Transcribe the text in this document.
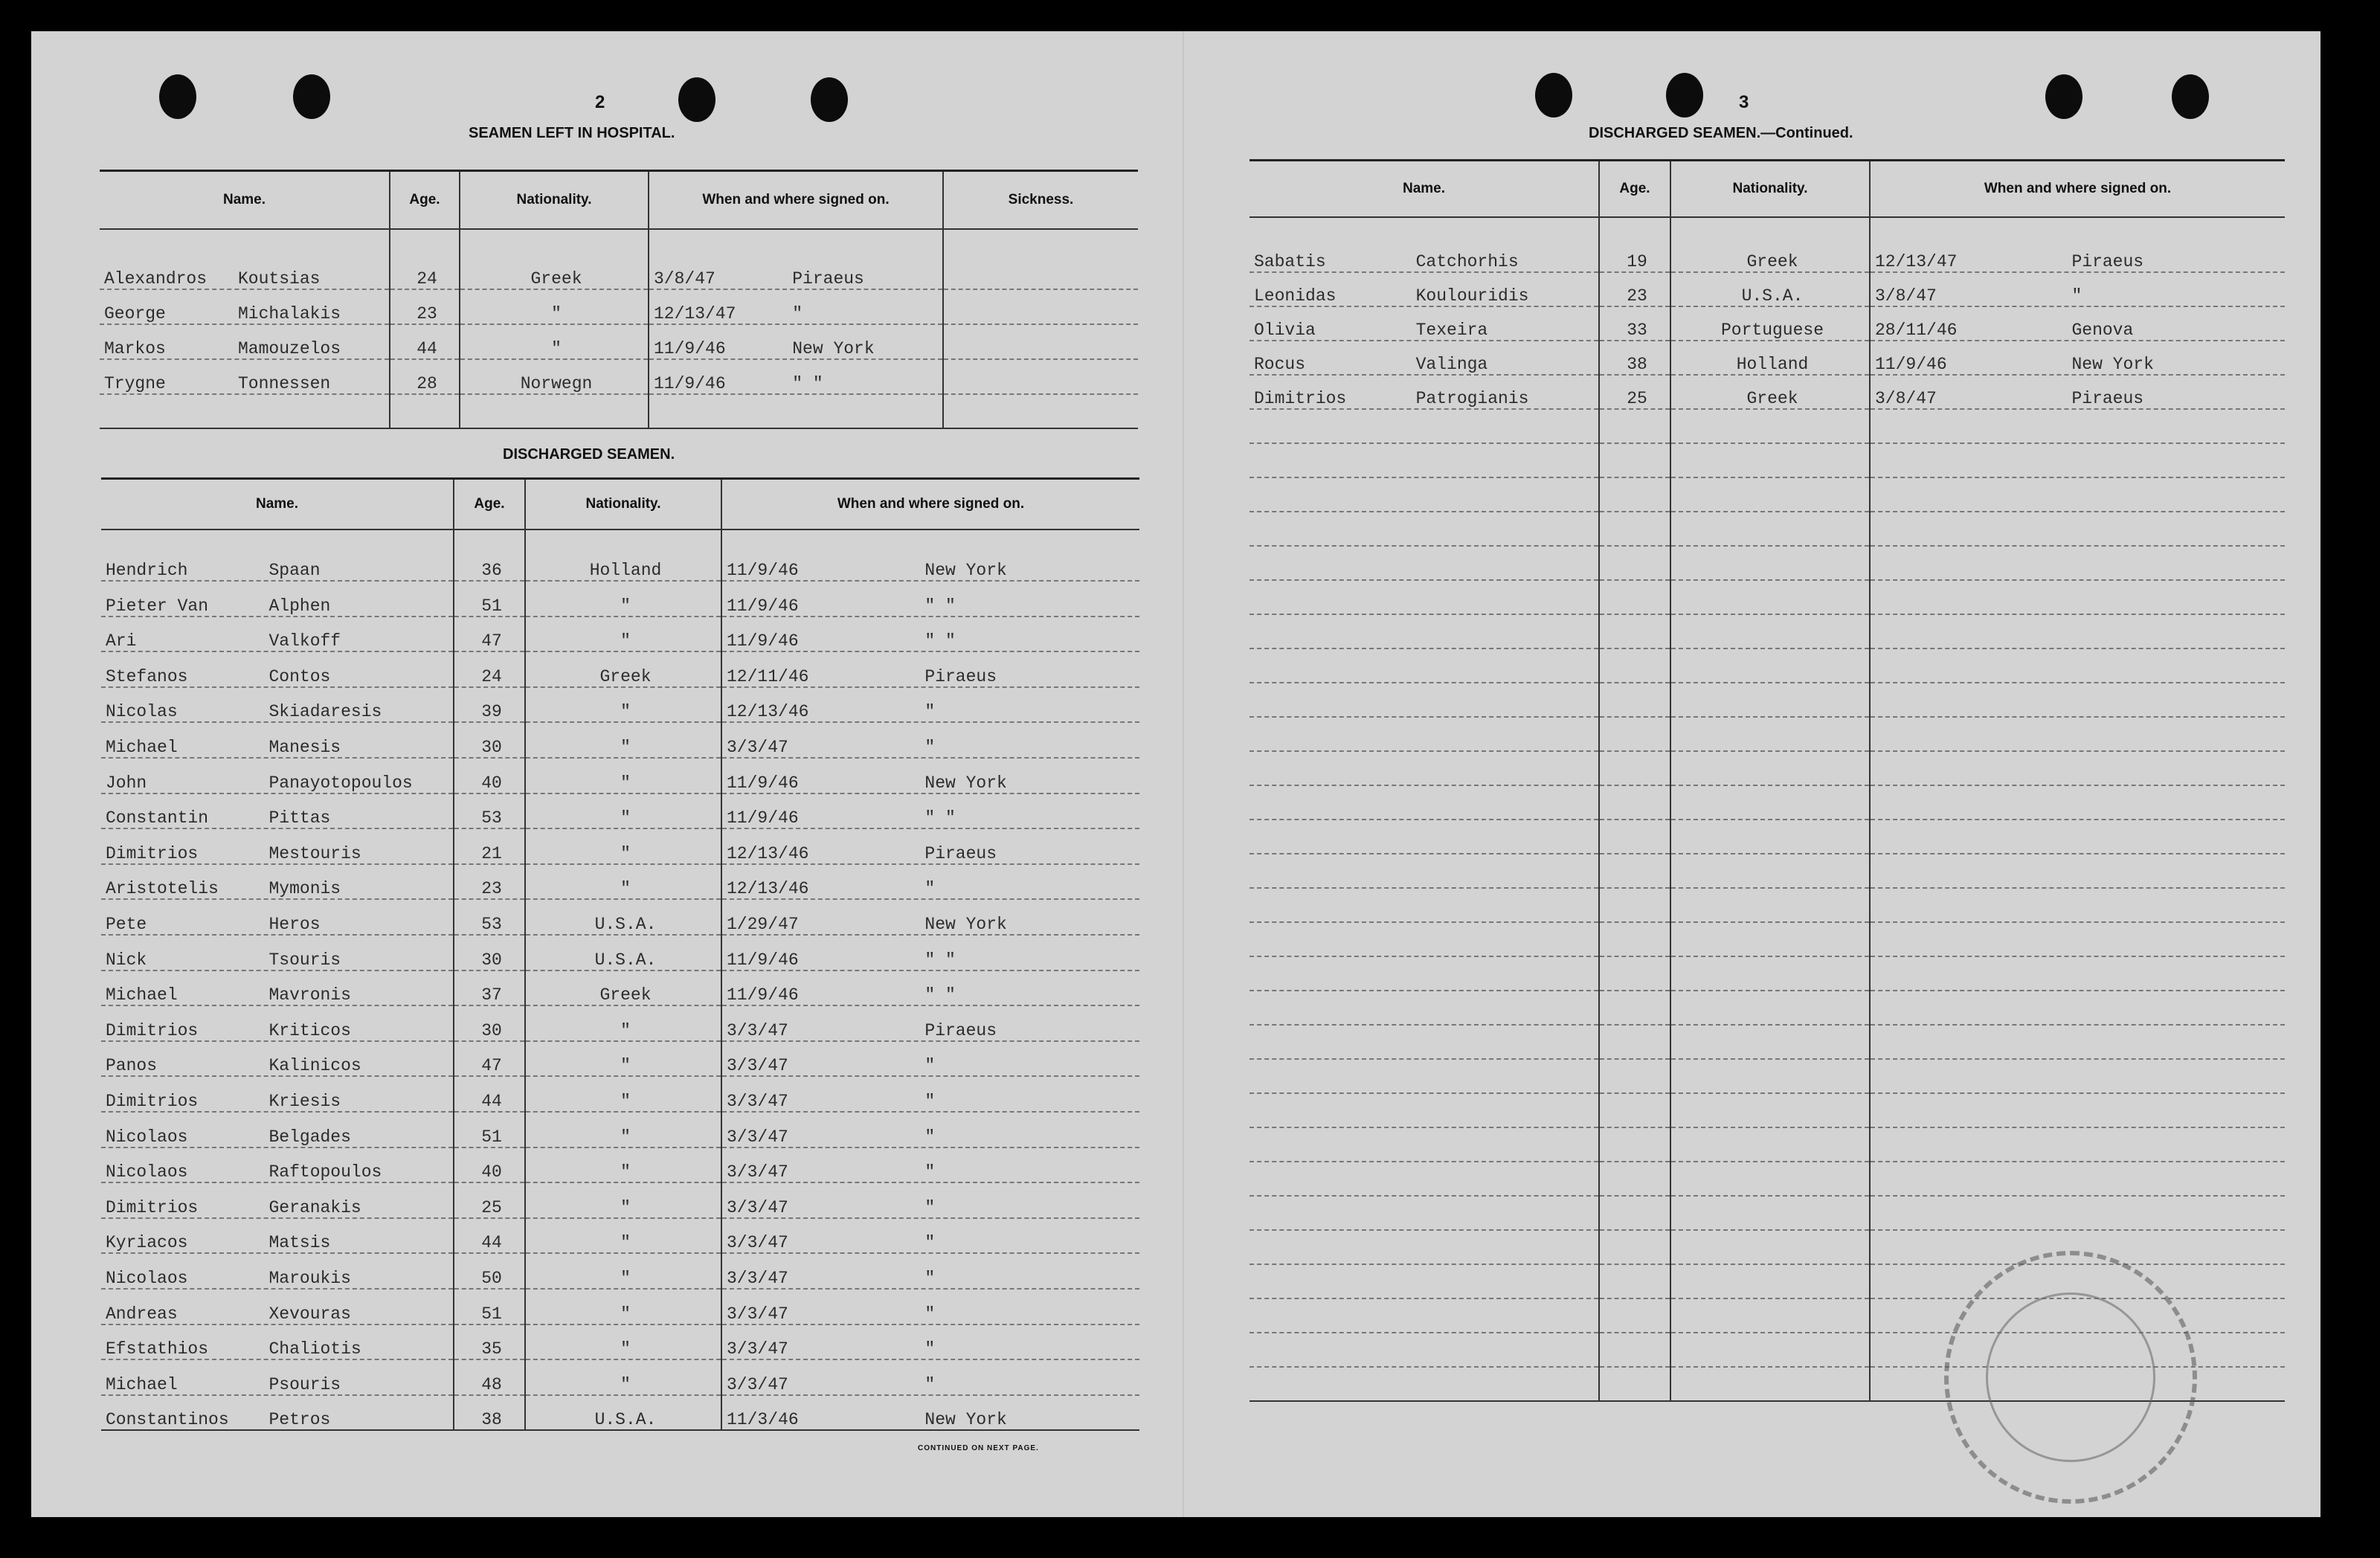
2
SEAMEN LEFT IN HOSPITAL.
Name.	Age.	Nationality.	When and where signed on.	Sickness.

Alexandros Koutsias	24	Greek	3/8/47 Piraeus	

George Michalakis	23	"	12/13/47 "	

Markos Mamouzelos	44	"	11/9/46 New York	

Trygne Tonnessen	28	Norwegn	11/9/46 " "	

DISCHARGED SEAMEN.
Name.	Age.	Nationality.	When and where signed on.

Hendrich Spaan	36	Holland	11/9/46 New York

Pieter Van Alphen	51	"	11/9/46 " "

Ari Valkoff	47	"	11/9/46 " "

Stefanos Contos	24	Greek	12/11/46 Piraeus

Nicolas Skiadaresis	39	"	12/13/46 "

Michael Manesis	30	"	3/3/47 "

John Panayotopoulos	40	"	11/9/46 New York

Constantin Pittas	53	"	11/9/46 " "

Dimitrios Mestouris	21	"	12/13/46 Piraeus

Aristotelis Mymonis	23	"	12/13/46 "

Pete Heros	53	U.S.A.	1/29/47 New York

Nick Tsouris	30	U.S.A.	11/9/46 " "

Michael Mavronis	37	Greek	11/9/46 " "

Dimitrios Kriticos	30	"	3/3/47 Piraeus

Panos Kalinicos	47	"	3/3/47 "

Dimitrios Kriesis	44	"	3/3/47 "

Nicolaos Belgades	51	"	3/3/47 "

Nicolaos Raftopoulos	40	"	3/3/47 "

Dimitrios Geranakis	25	"	3/3/47 "

Kyriacos Matsis	44	"	3/3/47 "

Nicolaos Maroukis	50	"	3/3/47 "

Andreas Xevouras	51	"	3/3/47 "

Efstathios Chaliotis	35	"	3/3/47 "

Michael Psouris	48	"	3/3/47 "

Constantinos Petros	38	U.S.A.	11/3/46 New York
CONTINUED ON NEXT PAGE.
3
DISCHARGED SEAMEN.—Continued.
Name.	Age.	Nationality.	When and where signed on.

Sabatis Catchorhis	19	Greek	12/13/47 Piraeus

Leonidas Koulouridis	23	U.S.A.	3/8/47 "

Olivia Texeira	33	Portuguese	28/11/46 Genova

Rocus Valinga	38	Holland	11/9/46 New York

Dimitrios Patrogianis	25	Greek	3/8/47 Piraeus
